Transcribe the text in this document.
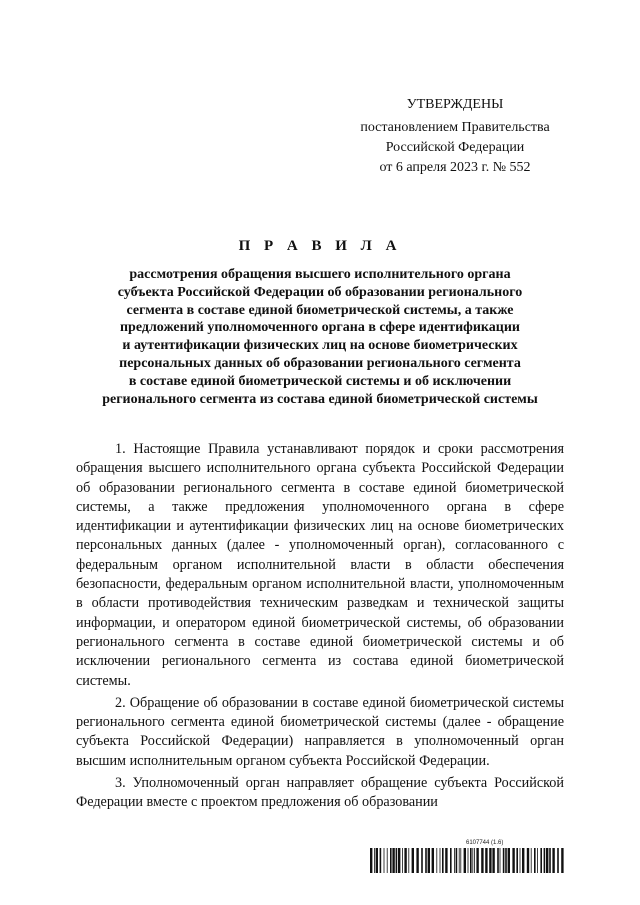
УТВЕРЖДЕНЫ
постановлением Правительства
Российской Федерации
от 6 апреля 2023 г. № 552
П Р А В И Л А
рассмотрения обращения высшего исполнительного органа
субъекта Российской Федерации об образовании регионального
сегмента в составе единой биометрической системы, а также
предложений уполномоченного органа в сфере идентификации
и аутентификации физических лиц на основе биометрических
персональных данных об образовании регионального сегмента
в составе единой биометрической системы и об исключении
регионального сегмента из состава единой биометрической системы

1. Настоящие Правила устанавливают порядок и сроки рассмотрения обращения высшего исполнительного органа субъекта Российской Федерации об образовании регионального сегмента в составе единой биометрической системы, а также предложения уполномоченного органа в сфере идентификации и аутентификации физических лиц на основе биометрических персональных данных (далее - уполномоченный орган), согласованного с федеральным органом исполнительной власти в области обеспечения безопасности, федеральным органом исполнительной власти, уполномоченным в области противодействия техническим разведкам и технической защиты информации, и оператором единой биометрической системы, об образовании регионального сегмента в составе единой биометрической системы и об исключении регионального сегмента из состава единой биометрической системы.

2. Обращение об образовании в составе единой биометрической системы регионального сегмента единой биометрической системы (далее - обращение субъекта Российской Федерации) направляется в уполномоченный орган высшим исполнительным органом субъекта Российской Федерации.

3. Уполномоченный орган направляет обращение субъекта Российской Федерации вместе с проектом предложения об образовании

6107744 (1.6)
